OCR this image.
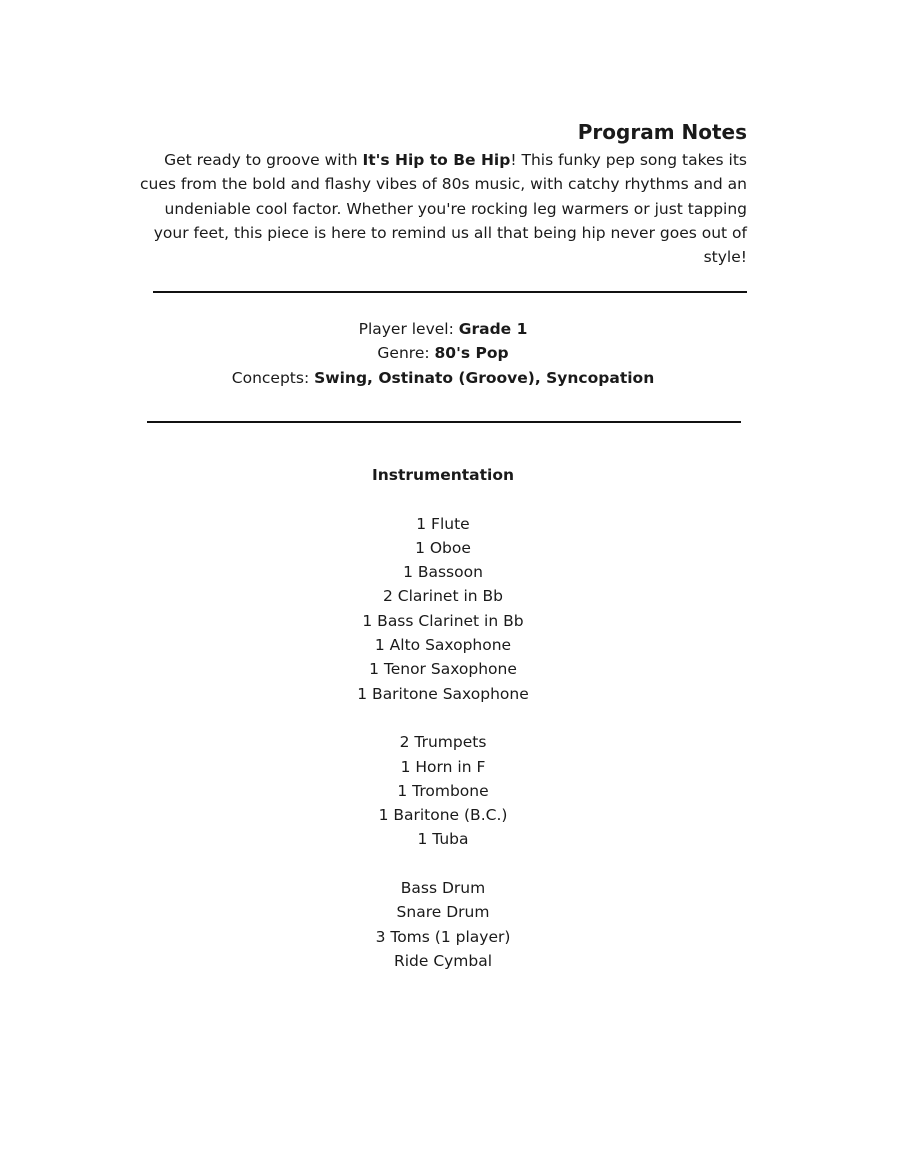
Program Notes

Get ready to groove with It's Hip to Be Hip! This funky pep song takes its cues from the bold and flashy vibes of 80s music, with catchy rhythms and an undeniable cool factor. Whether you're rocking leg warmers or just tapping your feet, this piece is here to remind us all that being hip never goes out of style!

Player level: Grade 1
Genre: 80's Pop
Concepts: Swing, Ostinato (Groove), Syncopation
Instrumentation
1 Flute
1 Oboe
1 Bassoon
2 Clarinet in Bb
1 Bass Clarinet in Bb
1 Alto Saxophone
1 Tenor Saxophone
1 Baritone Saxophone
2 Trumpets
1 Horn in F
1 Trombone
1 Baritone (B.C.)
1 Tuba
Bass Drum
Snare Drum
3 Toms (1 player)
Ride Cymbal
